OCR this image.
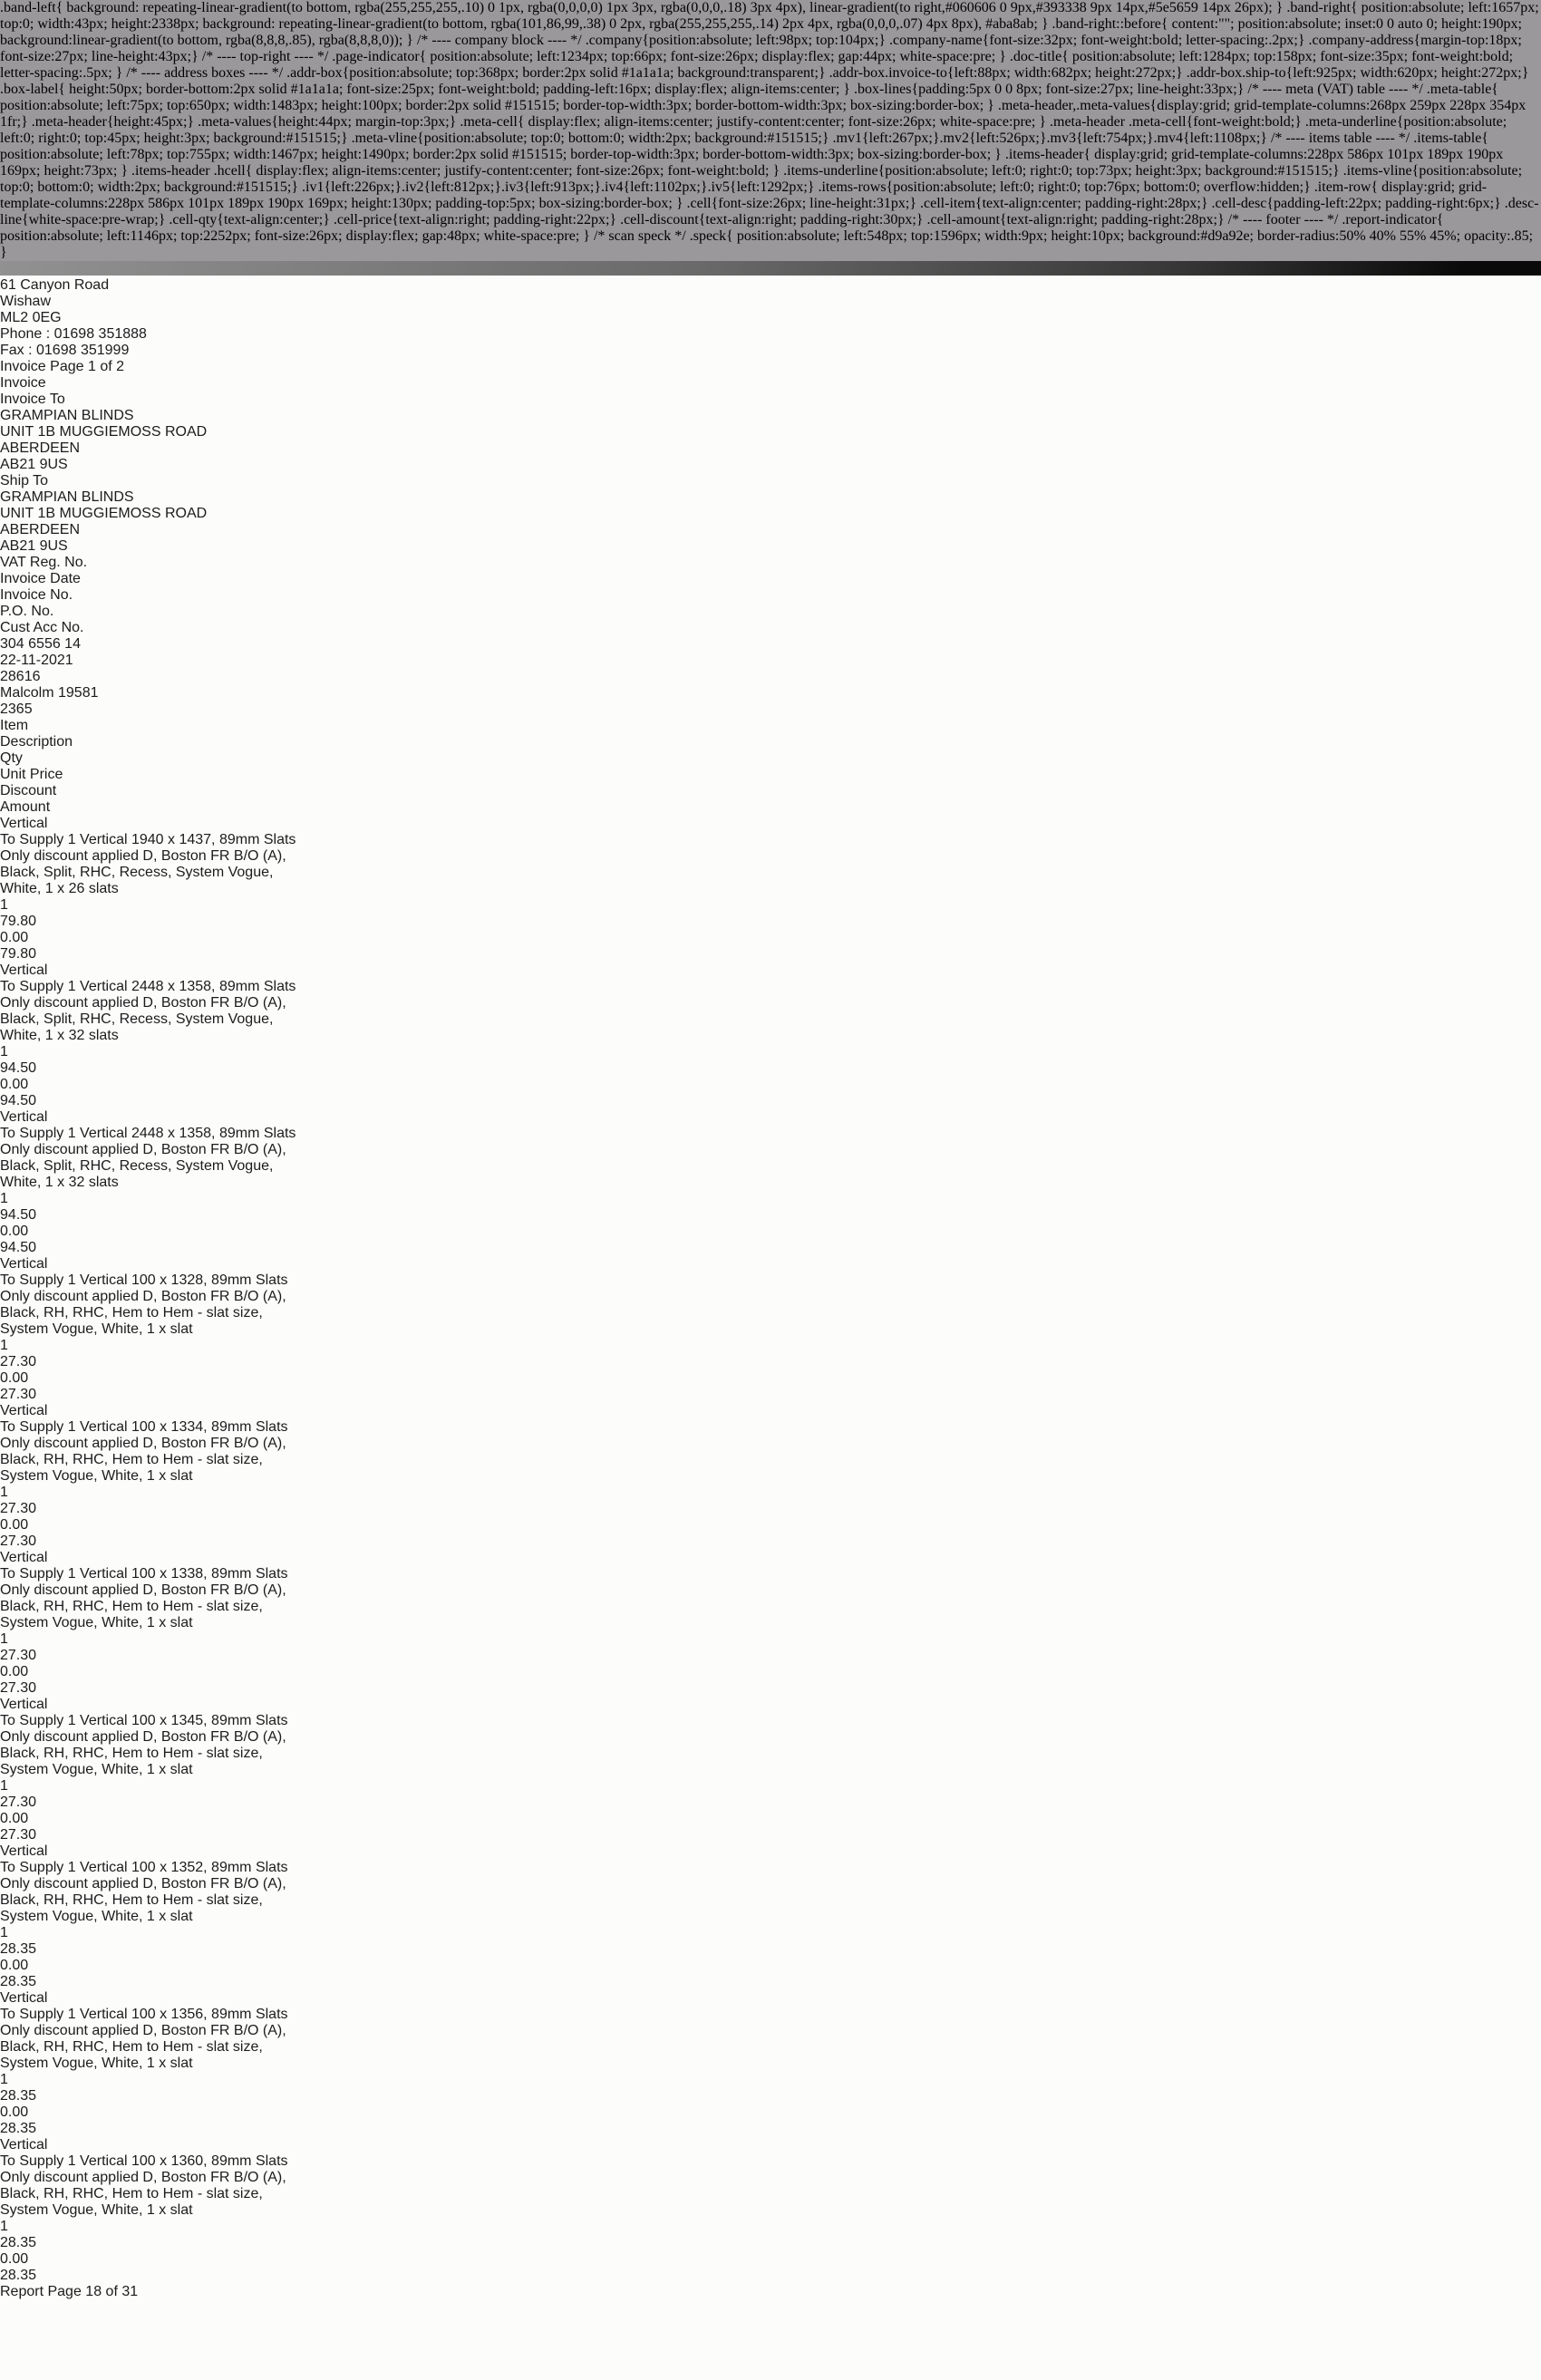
.band-left{ background: repeating-linear-gradient(to bottom, rgba(255,255,255,.10) 0 1px, rgba(0,0,0,0) 1px 3px, rgba(0,0,0,.18) 3px 4px), linear-gradient(to right,#060606 0 9px,#393338 9px 14px,#5e5659 14px 26px); } .band-right{ position:absolute; left:1657px; top:0; width:43px; height:2338px; background: repeating-linear-gradient(to bottom, rgba(101,86,99,.38) 0 2px, rgba(255,255,255,.14) 2px 4px, rgba(0,0,0,.07) 4px 8px), #aba8ab; } .band-right::before{ content:""; position:absolute; inset:0 0 auto 0; height:190px; background:linear-gradient(to bottom, rgba(8,8,8,.85), rgba(8,8,8,0)); } /* ---- company block ---- */ .company{position:absolute; left:98px; top:104px;} .company-name{font-size:32px; font-weight:bold; letter-spacing:.2px;} .company-address{margin-top:18px; font-size:27px; line-height:43px;} /* ---- top-right ---- */ .page-indicator{ position:absolute; left:1234px; top:66px; font-size:26px; display:flex; gap:44px; white-space:pre; } .doc-title{ position:absolute; left:1284px; top:158px; font-size:35px; font-weight:bold; letter-spacing:.5px; } /* ---- address boxes ---- */ .addr-box{position:absolute; top:368px; border:2px solid #1a1a1a; background:transparent;} .addr-box.invoice-to{left:88px; width:682px; height:272px;} .addr-box.ship-to{left:925px; width:620px; height:272px;} .box-label{ height:50px; border-bottom:2px solid #1a1a1a; font-size:25px; font-weight:bold; padding-left:16px; display:flex; align-items:center; } .box-lines{padding:5px 0 0 8px; font-size:27px; line-height:33px;} /* ---- meta (VAT) table ---- */ .meta-table{ position:absolute; left:75px; top:650px; width:1483px; height:100px; border:2px solid #151515; border-top-width:3px; border-bottom-width:3px; box-sizing:border-box; } .meta-header,.meta-values{display:grid; grid-template-columns:268px 259px 228px 354px 1fr;} .meta-header{height:45px;} .meta-values{height:44px; margin-top:3px;} .meta-cell{ display:flex; align-items:center; justify-content:center; font-size:26px; white-space:pre; } .meta-header .meta-cell{font-weight:bold;} .meta-underline{position:absolute; left:0; right:0; top:45px; height:3px; background:#151515;} .meta-vline{position:absolute; top:0; bottom:0; width:2px; background:#151515;} .mv1{left:267px;}.mv2{left:526px;}.mv3{left:754px;}.mv4{left:1108px;} /* ---- items table ---- */ .items-table{ position:absolute; left:78px; top:755px; width:1467px; height:1490px; border:2px solid #151515; border-top-width:3px; border-bottom-width:3px; box-sizing:border-box; } .items-header{ display:grid; grid-template-columns:228px 586px 101px 189px 190px 169px; height:73px; } .items-header .hcell{ display:flex; align-items:center; justify-content:center; font-size:26px; font-weight:bold; } .items-underline{position:absolute; left:0; right:0; top:73px; height:3px; background:#151515;} .items-vline{position:absolute; top:0; bottom:0; width:2px; background:#151515;} .iv1{left:226px;}.iv2{left:812px;}.iv3{left:913px;}.iv4{left:1102px;}.iv5{left:1292px;} .items-rows{position:absolute; left:0; right:0; top:76px; bottom:0; overflow:hidden;} .item-row{ display:grid; grid-template-columns:228px 586px 101px 189px 190px 169px; height:130px; padding-top:5px; box-sizing:border-box; } .cell{font-size:26px; line-height:31px;} .cell-item{text-align:center; padding-right:28px;} .cell-desc{padding-left:22px; padding-right:6px;} .desc-line{white-space:pre-wrap;} .cell-qty{text-align:center;} .cell-price{text-align:right; padding-right:22px;} .cell-discount{text-align:right; padding-right:30px;} .cell-amount{text-align:right; padding-right:28px;} /* ---- footer ---- */ .report-indicator{ position:absolute; left:1146px; top:2252px; font-size:26px; display:flex; gap:48px; white-space:pre; } /* scan speck */ .speck{ position:absolute; left:548px; top:1596px; width:9px; height:10px; background:#d9a92e; border-radius:50% 40% 55% 45%; opacity:.85; }
61 Canyon Road
Wishaw
ML2 0EG
Phone : 01698 351888
Fax : 01698 351999
Invoice Page 1 of 2
Invoice
Invoice To
GRAMPIAN BLINDS
UNIT 1B MUGGIEMOSS ROAD
ABERDEEN
AB21 9US
Ship To
GRAMPIAN BLINDS
UNIT 1B MUGGIEMOSS ROAD
ABERDEEN
AB21 9US
VAT Reg. No.
Invoice Date
Invoice No.
P.O. No.
Cust Acc No.
304 6556 14
22-11-2021
28616
Malcolm 19581
2365
Item
Description
Qty
Unit Price
Discount
Amount
Vertical
To Supply 1 Vertical 1940 x 1437, 89mm Slats
Only discount applied D, Boston FR B/O (A),
Black, Split, RHC, Recess, System Vogue,
White, 1 x 26 slats
1
79.80
0.00
79.80
Vertical
To Supply 1 Vertical 2448 x 1358, 89mm Slats
Only discount applied D, Boston FR B/O (A),
Black, Split, RHC, Recess, System Vogue,
White, 1 x 32 slats
1
94.50
0.00
94.50
Vertical
To Supply 1 Vertical 2448 x 1358, 89mm Slats
Only discount applied D, Boston FR B/O (A),
Black, Split, RHC, Recess, System Vogue,
White, 1 x 32 slats
1
94.50
0.00
94.50
Vertical
To Supply 1 Vertical 100 x 1328, 89mm Slats
Only discount applied D, Boston FR B/O (A),
Black, RH, RHC, Hem to Hem - slat size,
System Vogue, White, 1 x slat
1
27.30
0.00
27.30
Vertical
To Supply 1 Vertical 100 x 1334, 89mm Slats
Only discount applied D, Boston FR B/O (A),
Black, RH, RHC, Hem to Hem - slat size,
System Vogue, White, 1 x slat
1
27.30
0.00
27.30
Vertical
To Supply 1 Vertical 100 x 1338, 89mm Slats
Only discount applied D, Boston FR B/O (A),
Black, RH, RHC, Hem to Hem - slat size,
System Vogue, White, 1 x slat
1
27.30
0.00
27.30
Vertical
To Supply 1 Vertical 100 x 1345, 89mm Slats
Only discount applied D, Boston FR B/O (A),
Black, RH, RHC, Hem to Hem - slat size,
System Vogue, White, 1 x slat
1
27.30
0.00
27.30
Vertical
To Supply 1 Vertical 100 x 1352, 89mm Slats
Only discount applied D, Boston FR B/O (A),
Black, RH, RHC, Hem to Hem - slat size,
System Vogue, White, 1 x slat
1
28.35
0.00
28.35
Vertical
To Supply 1 Vertical 100 x 1356, 89mm Slats
Only discount applied D, Boston FR B/O (A),
Black, RH, RHC, Hem to Hem - slat size,
System Vogue, White, 1 x slat
1
28.35
0.00
28.35
Vertical
To Supply 1 Vertical 100 x 1360, 89mm Slats
Only discount applied D, Boston FR B/O (A),
Black, RH, RHC, Hem to Hem - slat size,
System Vogue, White, 1 x slat
1
28.35
0.00
28.35
Report Page 18 of 31
